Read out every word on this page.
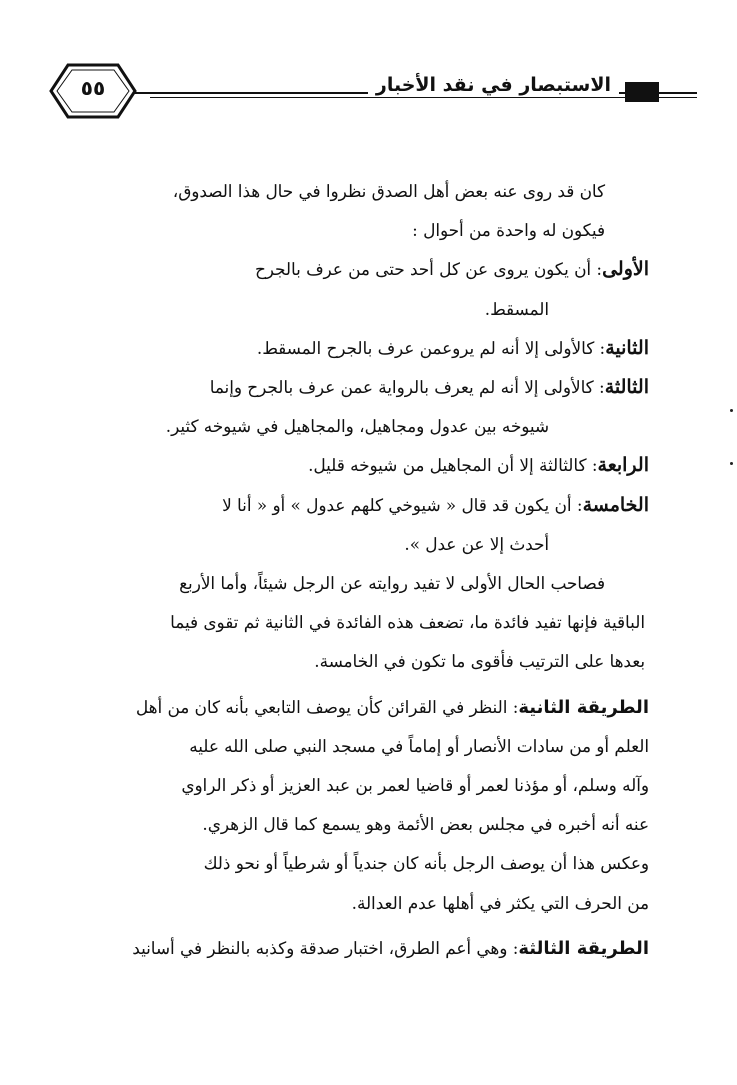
الاستبصار في نقد الأخبار
٥٥

كان قد روى عنه بعض أهل الصدق نظروا في حال هذا الصدوق،

فيكون له واحدة من أحوال :

الأولى: أن يكون يروى عن كل أحد حتى من عرف بالجرح

المسقط.

الثانية: كالأولى إلا أنه لم يروعمن عرف بالجرح المسقط.

الثالثة: كالأولى إلا أنه لم يعرف بالرواية عمن عرف بالجرح وإنما

شيوخه بين عدول ومجاهيل، والمجاهيل في شيوخه كثير.

الرابعة: كالثالثة إلا أن المجاهيل من شيوخه قليل.

الخامسة: أن يكون قد قال « شيوخي كلهم عدول » أو « أنا لا

أحدث إلا عن عدل ».

فصاحب الحال الأولى لا تفيد روايته عن الرجل شيئاً، وأما الأربع

الباقية فإنها تفيد فائدة ما، تضعف هذه الفائدة في الثانية ثم تقوى فيما

بعدها على الترتيب فأقوى ما تكون في الخامسة.

الطريقة الثانية: النظر في القرائن كأن يوصف التابعي بأنه كان من أهل

العلم أو من سادات الأنصار أو إماماً في مسجد النبي صلى الله عليه

وآله وسلم، أو مؤذنا لعمر أو قاضيا لعمر بن عبد العزيز أو ذكر الراوي

عنه أنه أخبره في مجلس بعض الأئمة وهو يسمع كما قال الزهري.

وعكس هذا أن يوصف الرجل بأنه كان جندياً أو شرطياً أو نحو ذلك

من الحرف التي يكثر في أهلها عدم العدالة.

الطريقة الثالثة: وهي أعم الطرق، اختبار صدقة وكذبه بالنظر في أسانيد
